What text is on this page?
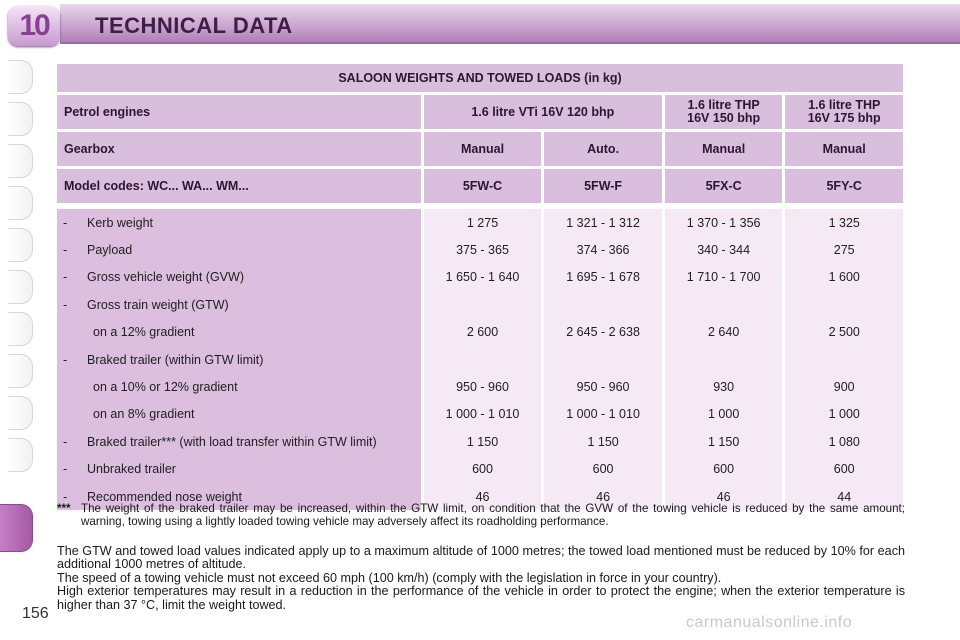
10	TECHNICAL DATA
SALOON WEIGHTS AND TOWED LOADS (in kg)				

Petrol engines	1.6 litre VTi 16V 120 bhp		1.6 litre THP 16V 150 bhp	1.6 litre THP 16V 175 bhp

Gearbox	Manual	Auto.	Manual	Manual

Model codes: WC... WA... WM...	5FW-C	5FW-F	5FX-C	5FY-C

- Kerb weight	1 275	1 321 - 1 312	1 370 - 1 356	1 325

- Payload	375 - 365	374 - 366	340 - 344	275

- Gross vehicle weight (GVW)	1 650 - 1 640	1 695 - 1 678	1 710 - 1 700	1 600

- Gross train weight (GTW)				

on a 12% gradient	2 600	2 645 - 2 638	2 640	2 500

- Braked trailer (within GTW limit)				

on a 10% or 12% gradient	950 - 960	950 - 960	930	900

on an 8% gradient	1 000 - 1 010	1 000 - 1 010	1 000	1 000

- Braked trailer*** (with load transfer within GTW limit)	1 150	1 150	1 150	1 080

- Unbraked trailer	600	600	600	600

- Recommended nose weight	46	46	46	44
*** The weight of the braked trailer may be increased, within the GTW limit, on condition that the GVW of the towing vehicle is reduced by the same amount; warning, towing using a lightly loaded towing vehicle may adversely affect its roadholding performance.

The GTW and towed load values indicated apply up to a maximum altitude of 1000 metres; the towed load mentioned must be reduced by 10% for each additional 1000 metres of altitude.

The speed of a towing vehicle must not exceed 60 mph (100 km/h) (comply with the legislation in force in your country).

High exterior temperatures may result in a reduction in the performance of the vehicle in order to protect the engine; when the exterior temperature is higher than 37 °C, limit the weight towed.

156
carmanualsonline.info
